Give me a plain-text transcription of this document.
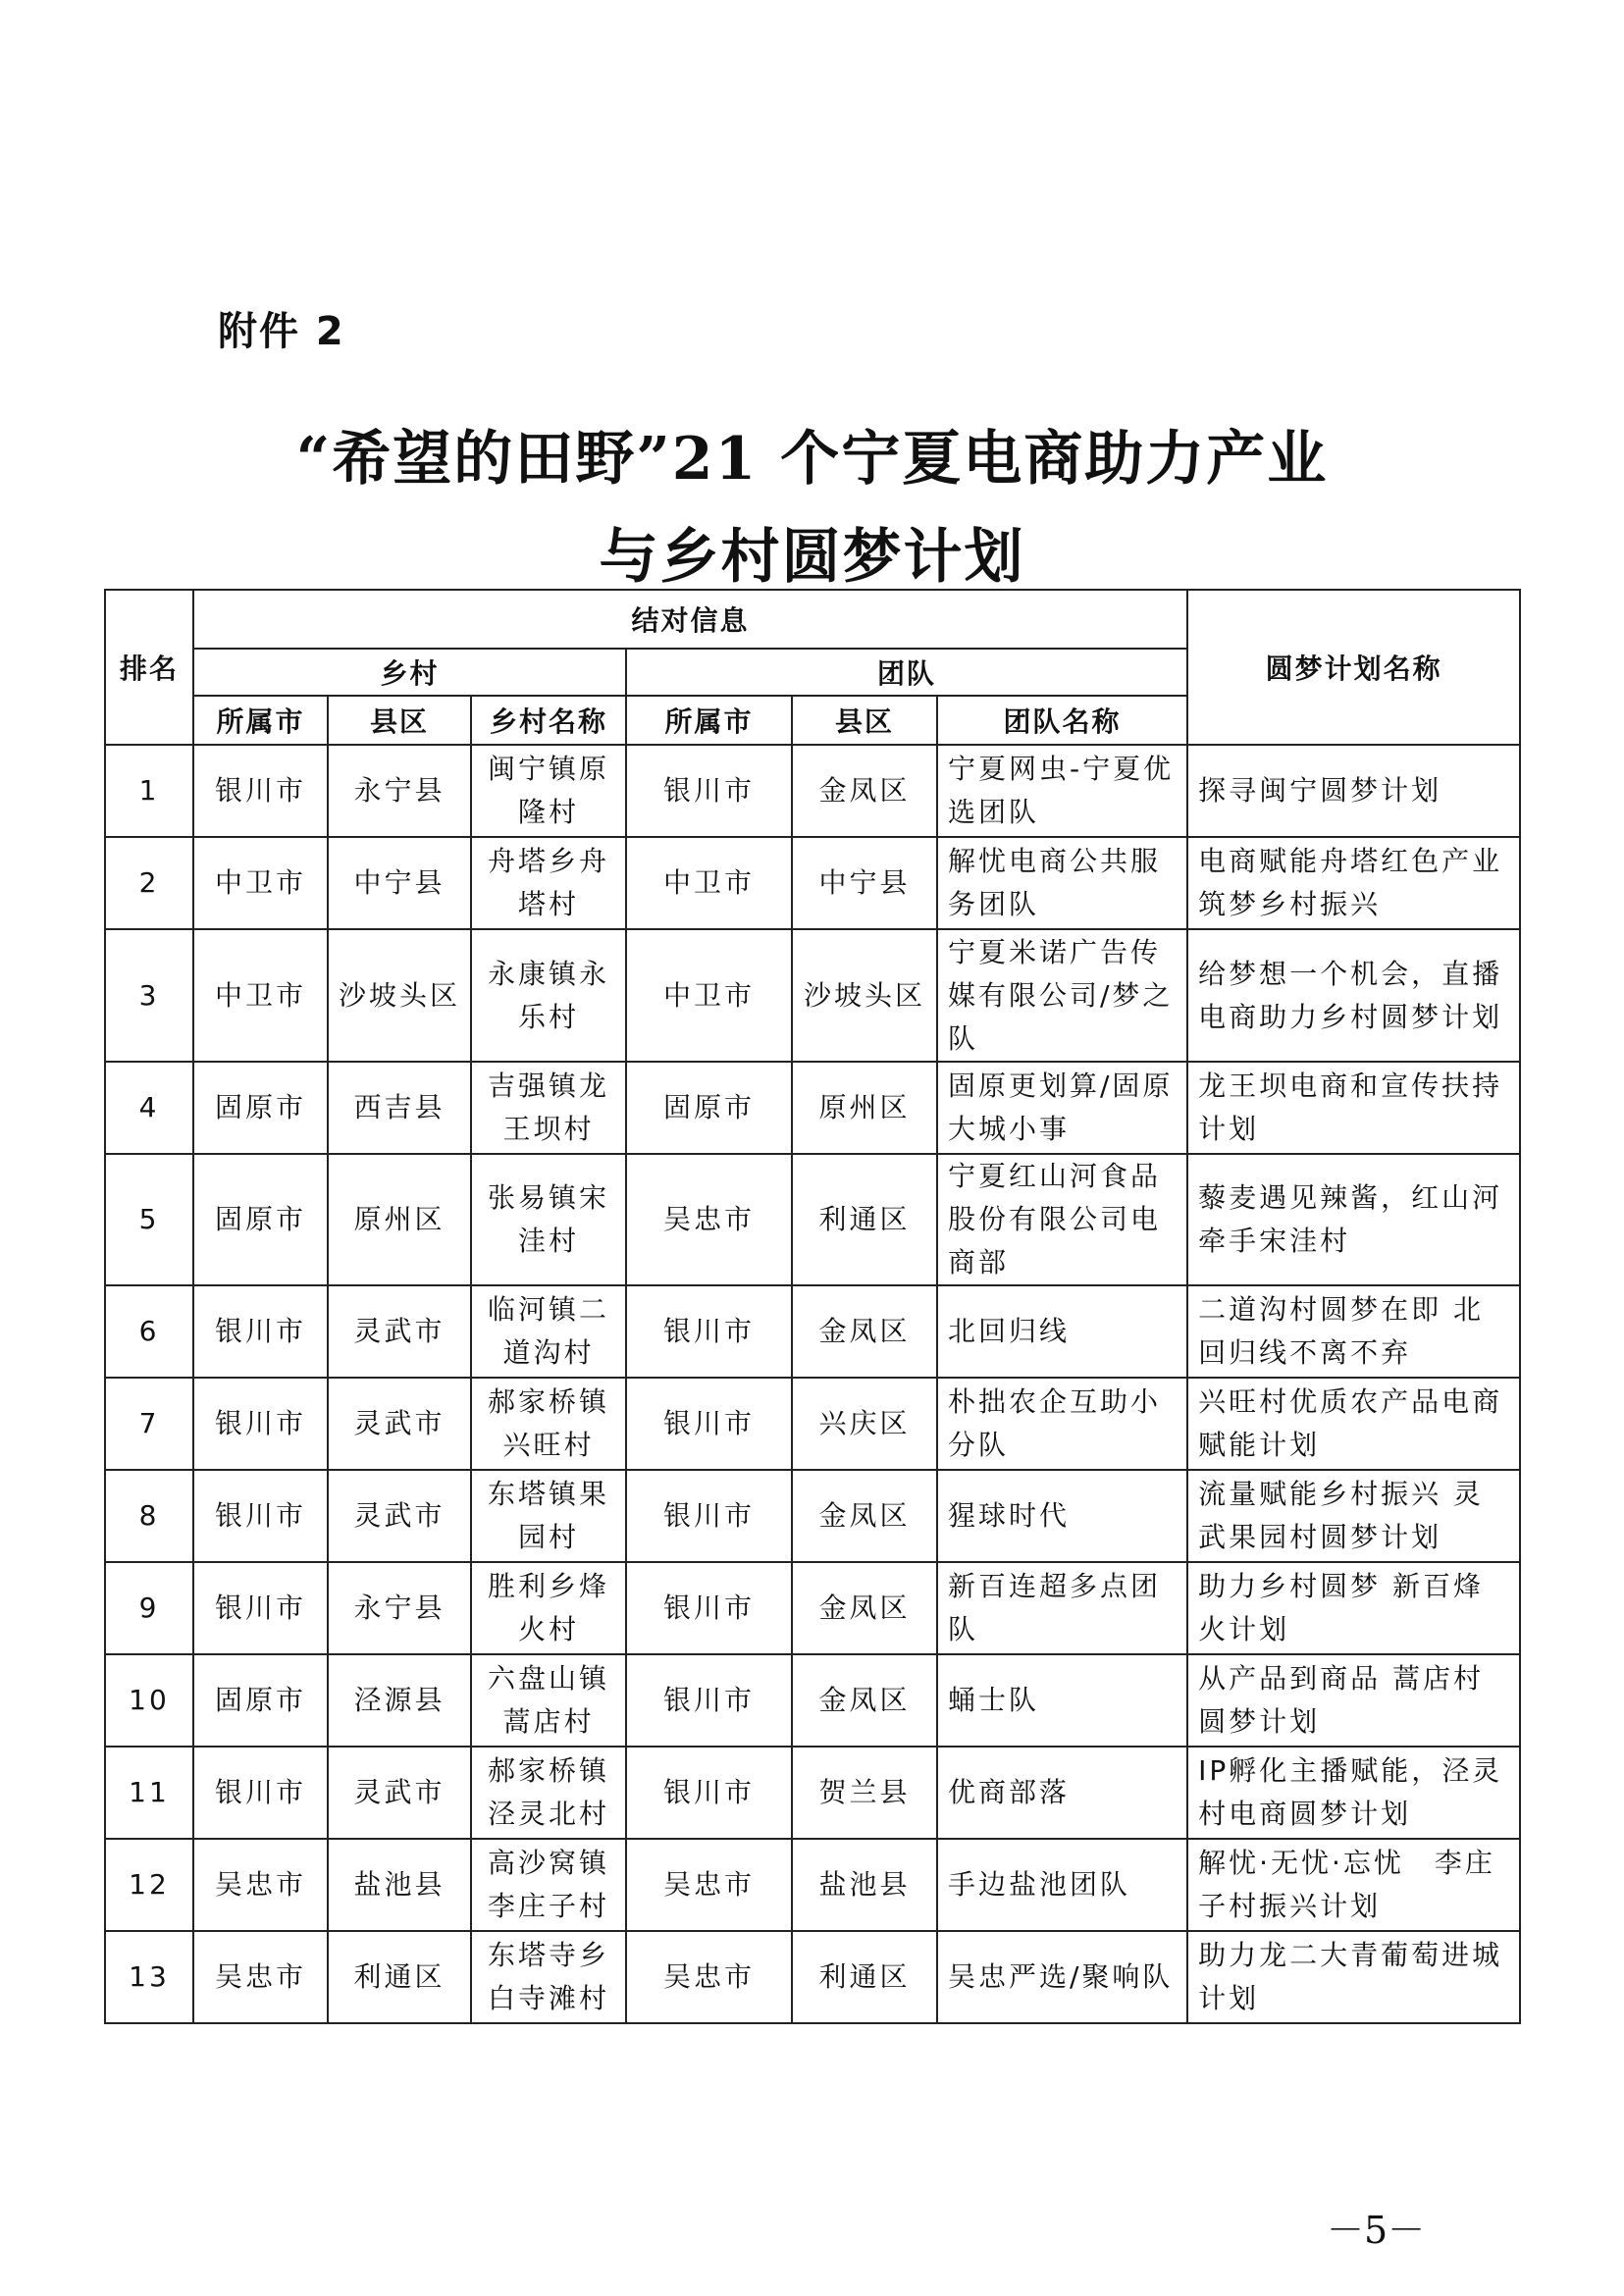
附件 2
“希望的田野”21 个宁夏电商助力产业
与乡村圆梦计划
排名	结对信息						圆梦计划名称
	乡村			团队			
	所属市	县区	乡村名称	所属市	县区	团队名称	
1	银川市	永宁县	闽宁镇原隆村	银川市	金凤区	宁夏网虫-宁夏优选团队	探寻闽宁圆梦计划
2	中卫市	中宁县	舟塔乡舟塔村	中卫市	中宁县	解忧电商公共服务团队	电商赋能舟塔红色产业筑梦乡村振兴
3	中卫市	沙坡头区	永康镇永乐村	中卫市	沙坡头区	宁夏米诺广告传媒有限公司/梦之队	给梦想一个机会，直播电商助力乡村圆梦计划
4	固原市	西吉县	吉强镇龙王坝村	固原市	原州区	固原更划算/固原大城小事	龙王坝电商和宣传扶持计划
5	固原市	原州区	张易镇宋洼村	吴忠市	利通区	宁夏红山河食品股份有限公司电商部	藜麦遇见辣酱，红山河牵手宋洼村
6	银川市	灵武市	临河镇二道沟村	银川市	金凤区	北回归线	二道沟村圆梦在即 北回归线不离不弃
7	银川市	灵武市	郝家桥镇兴旺村	银川市	兴庆区	朴拙农企互助小分队	兴旺村优质农产品电商赋能计划
8	银川市	灵武市	东塔镇果园村	银川市	金凤区	猩球时代	流量赋能乡村振兴 灵武果园村圆梦计划
9	银川市	永宁县	胜利乡烽火村	银川市	金凤区	新百连超多点团队	助力乡村圆梦 新百烽火计划
10	固原市	泾源县	六盘山镇蒿店村	银川市	金凤区	蛹士队	从产品到商品 蒿店村圆梦计划
11	银川市	灵武市	郝家桥镇泾灵北村	银川市	贺兰县	优商部落	IP孵化主播赋能，泾灵村电商圆梦计划
12	吴忠市	盐池县	高沙窝镇李庄子村	吴忠市	盐池县	手边盐池团队	解忧·无忧·忘忧　李庄子村振兴计划
13	吴忠市	利通区	东塔寺乡白寺滩村	吴忠市	利通区	吴忠严选/聚响队	助力龙二大青葡萄进城计划
－5－
